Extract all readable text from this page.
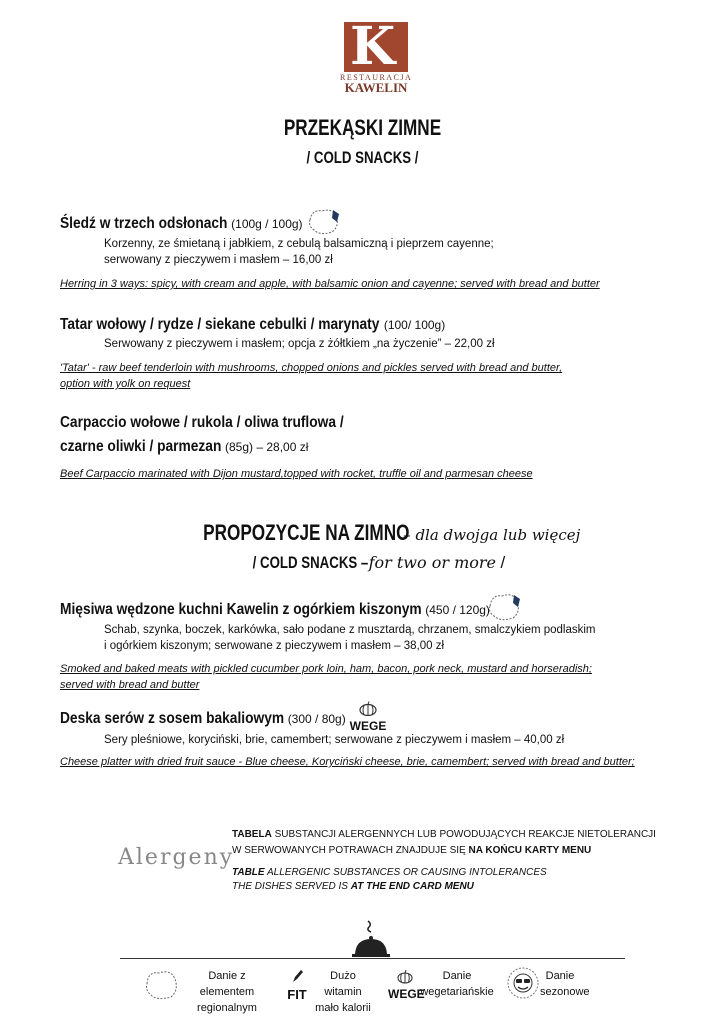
K
RESTAURACJA
KAWELIN
PRZEKĄSKI ZIMNE
/ COLD SNACKS /
Śledź w trzech odsłonach (100g / 100g)
Korzenny, ze śmietaną i jabłkiem, z cebulą balsamiczną i pieprzem cayenne;
serwowany z pieczywem i masłem – 16,00 zł
Herring in 3 ways: spicy, with cream and apple, with balsamic onion and cayenne; served with bread and butter
Tatar wołowy / rydze / siekane cebulki / marynaty (100/ 100g)
Serwowany z pieczywem i masłem; opcja z żółtkiem „na życzenie” – 22,00 zł
'Tatar' - raw beef tenderloin with mushrooms, chopped onions and pickles served with bread and butter,
option with yolk on request
Carpaccio wołowe / rukola / oliwa truflowa /
czarne oliwki / parmezan (85g) – 28,00 zł
Beef Carpaccio marinated with Dijon mustard,topped with rocket, truffle oil and parmesan cheese
PROPOZYCJE NA ZIMNO– dla dwojga lub więcej
/ COLD SNACKS – for two or more /
Mięsiwa wędzone kuchni Kawelin z ogórkiem kiszonym (450 / 120g)
Schab, szynka, boczek, karkówka, sało podane z musztardą, chrzanem, smalczykiem podlaskim
i ogórkiem kiszonym; serwowane z pieczywem i masłem – 38,00 zł
Smoked and baked meats with pickled cucumber pork loin, ham, bacon, pork neck, mustard and horseradish;
served with bread and butter
Deska serów z sosem bakaliowym (300 / 80g) WEGE
Sery pleśniowe, koryciński, brie, camembert; serwowane z pieczywem i masłem – 40,00 zł
Cheese platter with dried fruit sauce - Blue cheese, Koryciński cheese, brie, camembert; served with bread and butter;
Alergeny
TABELA SUBSTANCJI ALERGENNYCH LUB POWODUJĄCYCH REAKCJE NIETOLERANCJI
W SERWOWANYCH POTRAWACH ZNAJDUJE SIĘ NA KOŃCU KARTY MENU
TABLE ALLERGENIC SUBSTANCES OR CAUSING INTOLERANCES
THE DISHES SERVED IS AT THE END CARD MENU
Danie z elementem
regionalnym
FIT
Dużo witamin
mało kalorii
WEGE
Danie
wegetariańskie
Danie
sezonowe
